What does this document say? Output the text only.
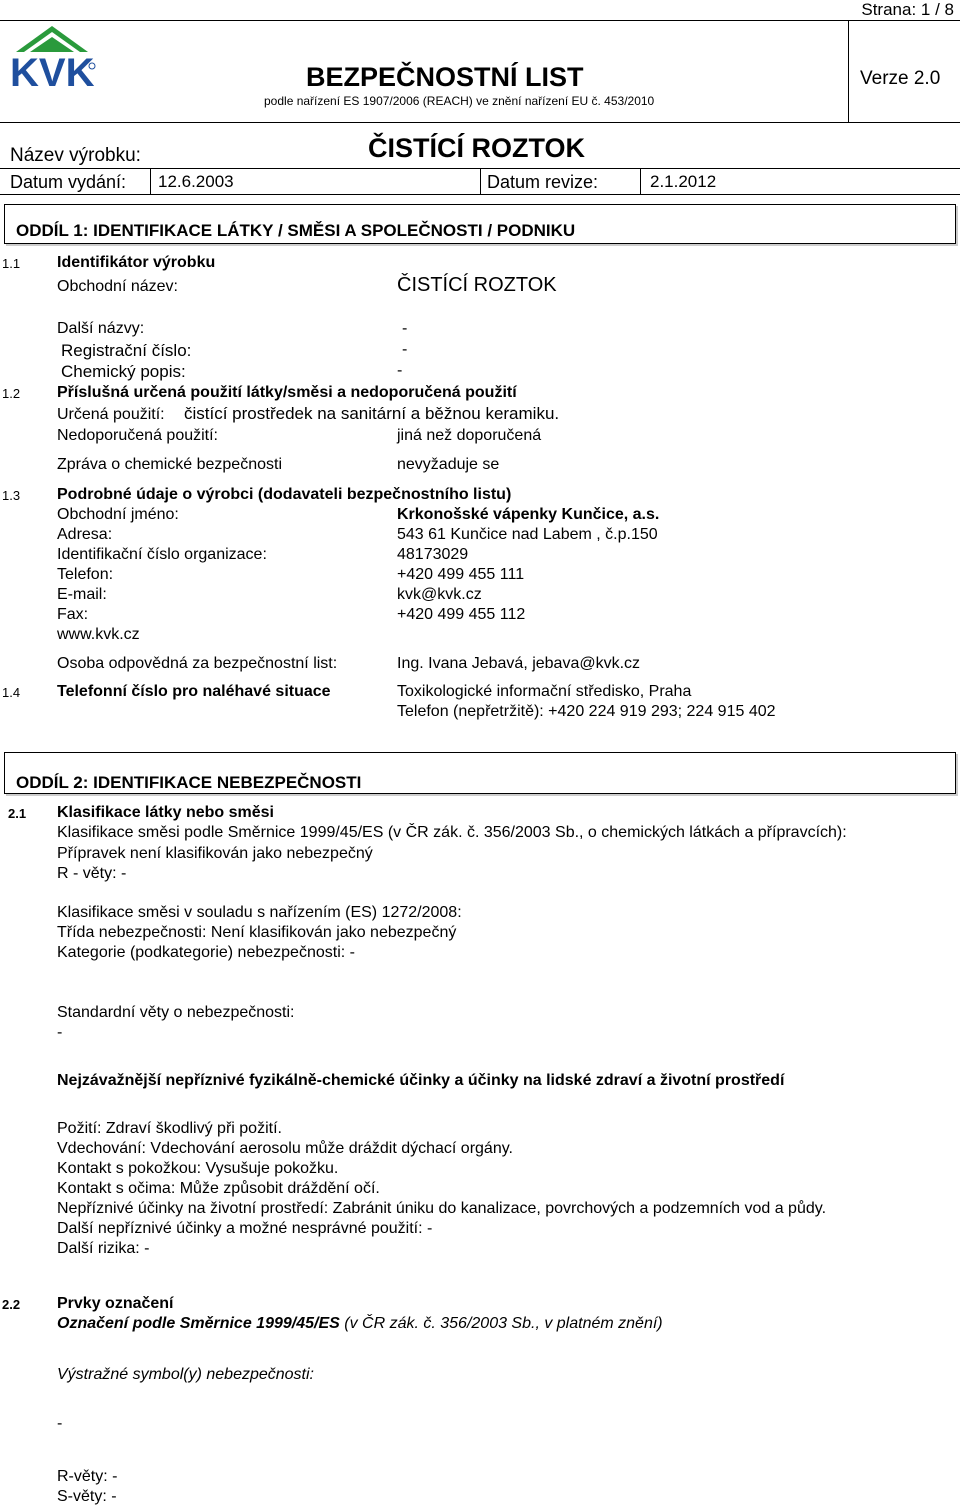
Strana: 1 / 8
KVK	BEZPEČNOSTNÍ LIST
podle nařízení ES 1907/2006 (REACH) ve znění nařízení EU č. 453/2010
Verze 2.0
Název výrobku:	ČISTÍCÍ ROZTOK
Datum vydání: 12.6.2003	Datum revize:	2.1.2012
ODDÍL 1: IDENTIFIKACE LÁTKY / SMĚSI A SPOLEČNOSTI / PODNIKU
1.1 Identifikátor výrobku
Obchodní název:	ČISTÍCÍ ROZTOK
Další názvy:	-
Registrační číslo:	-
Chemický popis:	-
1.2 Příslušná určená použití látky/směsi a nedoporučená použití
Určená použití: čistící prostředek na sanitární a běžnou keramiku.
Nedoporučená použití:	jiná než doporučená
Zpráva o chemické bezpečnosti	nevyžaduje se
1.3 Podrobné údaje o výrobci (dodavateli bezpečnostního listu)
Obchodní jméno:	Krkonošské vápenky Kunčice, a.s.
Adresa:	543 61 Kunčice nad Labem , č.p.150
Identifikační číslo organizace:	48173029
Telefon:	+420 499 455 111
E-mail:	kvk@kvk.cz
Fax:	+420 499 455 112
www.kvk.cz
Osoba odpovědná za bezpečnostní list:	Ing. Ivana Jebavá, jebava@kvk.cz
1.4 Telefonní číslo pro naléhavé situace	Toxikologické informační středisko, Praha
Telefon (nepřetržitě): +420 224 919 293; 224 915 402
ODDÍL 2: IDENTIFIKACE NEBEZPEČNOSTI
2.1 Klasifikace látky nebo směsi
Klasifikace směsi podle Směrnice 1999/45/ES (v ČR zák. č. 356/2003 Sb., o chemických látkách a přípravcích):
Přípravek není klasifikován jako nebezpečný
R - věty: -
Klasifikace směsi v souladu s nařízením (ES) 1272/2008:
Třída nebezpečnosti: Není klasifikován jako nebezpečný
Kategorie (podkategorie) nebezpečnosti: -
Standardní věty o nebezpečnosti:
-
Nejzávažnější nepříznivé fyzikálně-chemické účinky a účinky na lidské zdraví a životní prostředí
Požití: Zdraví škodlivý při požití.
Vdechování: Vdechování aerosolu může dráždit dýchací orgány.
Kontakt s pokožkou: Vysušuje pokožku.
Kontakt s očima: Může způsobit dráždění očí.
Nepříznivé účinky na životní prostředí: Zabránit úniku do kanalizace, povrchových a podzemních vod a půdy.
Další nepříznivé účinky a možné nesprávné použití: -
Další rizika: -
2.2 Prvky označení
Označení podle Směrnice 1999/45/ES (v ČR zák. č. 356/2003 Sb., v platném znění)
Výstražné symbol(y) nebezpečnosti:
-
R-věty: -
S-věty: -
